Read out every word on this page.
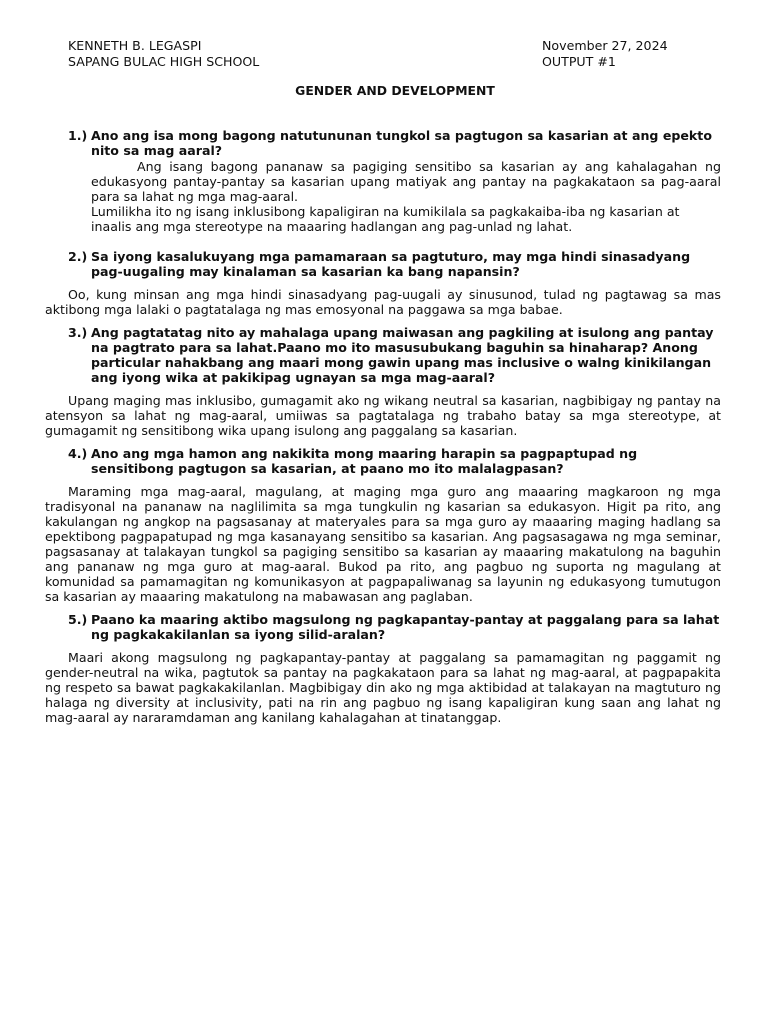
KENNETH B. LEGASPI
SAPANG BULAC HIGH SCHOOL
November 27, 2024
OUTPUT #1
GENDER AND DEVELOPMENT

1.) Ano ang isa mong bagong natutununan tungkol sa pagtugon sa kasarian at ang epekto nito sa mag aaral?

Ang isang bagong pananaw sa pagiging sensitibo sa kasarian ay ang kahalagahan ng edukasyong pantay-pantay sa kasarian upang matiyak ang pantay na pagkakataon sa pag-aaral para sa lahat ng mga mag-aaral.

Lumilikha ito ng isang inklusibong kapaligiran na kumikilala sa pagkakaiba-iba ng kasarian at inaalis ang mga stereotype na maaaring hadlangan ang pag-unlad ng lahat.

2.) Sa iyong kasalukuyang mga pamamaraan sa pagtuturo, may mga hindi sinasadyang pag-uugaling may kinalaman sa kasarian ka bang napansin?

Oo, kung minsan ang mga hindi sinasadyang pag-uugali ay sinusunod, tulad ng pagtawag sa mas aktibong mga lalaki o pagtatalaga ng mas emosyonal na paggawa sa mga babae.

3.) Ang pagtatatag nito ay mahalaga upang maiwasan ang pagkiling at isulong ang pantay na pagtrato para sa lahat.Paano mo ito masusubukang baguhin sa hinaharap? Anong particular nahakbang ang maari mong gawin upang mas inclusive o walng kinikilangan ang iyong wika at pakikipag ugnayan sa mga mag-aaral?

Upang maging mas inklusibo, gumagamit ako ng wikang neutral sa kasarian, nagbibigay ng pantay na atensyon sa lahat ng mag-aaral, umiiwas sa pagtatalaga ng trabaho batay sa mga stereotype, at gumagamit ng sensitibong wika upang isulong ang paggalang sa kasarian.

4.) Ano ang mga hamon ang nakikita mong maaring harapin sa pagpaptupad ng sensitibong pagtugon sa kasarian, at paano mo ito malalagpasan?

Maraming mga mag-aaral, magulang, at maging mga guro ang maaaring magkaroon ng mga tradisyonal na pananaw na naglilimita sa mga tungkulin ng kasarian sa edukasyon. Higit pa rito, ang kakulangan ng angkop na pagsasanay at materyales para sa mga guro ay maaaring maging hadlang sa epektibong pagpapatupad ng mga kasanayang sensitibo sa kasarian. Ang pagsasagawa ng mga seminar, pagsasanay at talakayan tungkol sa pagiging sensitibo sa kasarian ay maaaring makatulong na baguhin ang pananaw ng mga guro at mag-aaral. Bukod pa rito, ang pagbuo ng suporta ng magulang at komunidad sa pamamagitan ng komunikasyon at pagpapaliwanag sa layunin ng edukasyong tumutugon sa kasarian ay maaaring makatulong na mabawasan ang paglaban.

5.) Paano ka maaring aktibo magsulong ng pagkapantay-pantay at paggalang para sa lahat ng pagkakakilanlan sa iyong silid-aralan?

Maari akong magsulong ng pagkapantay-pantay at paggalang sa pamamagitan ng paggamit ng gender-neutral na wika, pagtutok sa pantay na pagkakataon para sa lahat ng mag-aaral, at pagpapakita ng respeto sa bawat pagkakakilanlan. Magbibigay din ako ng mga aktibidad at talakayan na magtuturo ng halaga ng diversity at inclusivity, pati na rin ang pagbuo ng isang kapaligiran kung saan ang lahat ng mag-aaral ay nararamdaman ang kanilang kahalagahan at tinatanggap.
